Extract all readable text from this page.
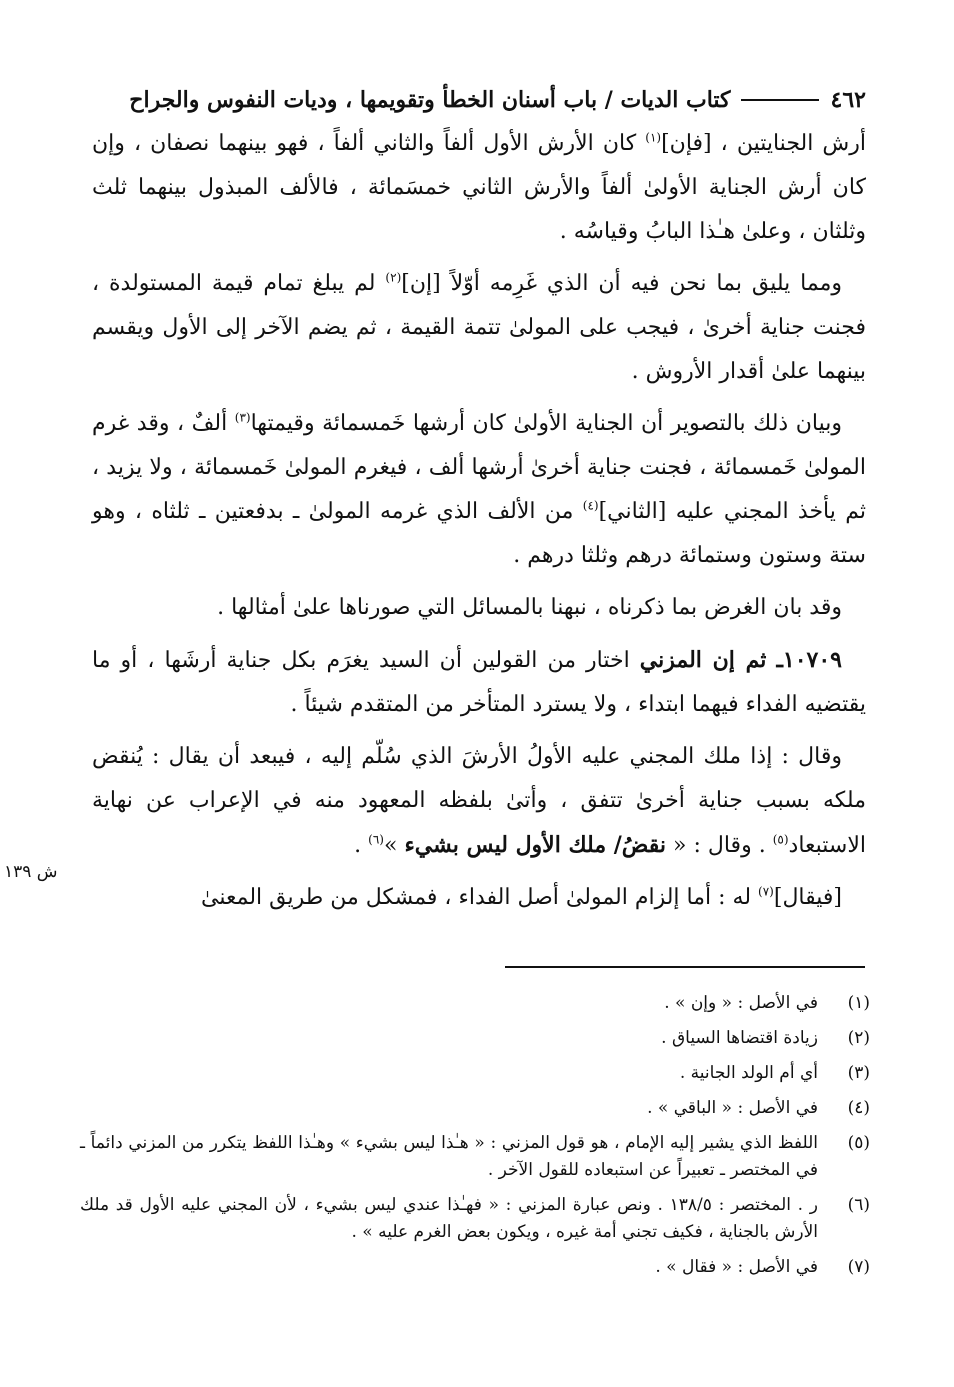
٤٦٢
كتاب الديات / باب أسنان الخطأ وتقويمها ، وديات النفوس والجراح

أرش الجنايتين ، [فإن]$^{(١)}$ كان الأرش الأول ألفاً والثاني ألفاً ، فهو بينهما نصفان ، وإن كان أرش الجناية الأولىٰ ألفاً والأرش الثاني خمسَمائة ، فالألف المبذول بينهما ثلث وثلثان ، وعلىٰ هـٰذا البابُ وقياسُه .

ومما يليق بما نحن فيه أن الذي غَرِمه أوّلاً [إن]$^{(٢)}$ لم يبلغ تمام قيمة المستولدة ، فجنت جناية أخرىٰ ، فيجب على المولىٰ تتمة القيمة ، ثم يضم الآخر إلى الأول ويقسم بينهما علىٰ أقدار الأروش .

وبيان ذلك بالتصوير أن الجناية الأولىٰ كان أرشها خَمسمائة وقيمتها$^{(٣)}$ ألفٌ ، وقد غرم المولىٰ خَمسمائة ، فجنت جناية أخرىٰ أرشها ألف ، فيغرم المولىٰ خَمسمائة ، ولا يزيد ، ثم يأخذ المجني عليه [الثاني]$^{(٤)}$ من الألف الذي غرمه المولىٰ ـ بدفعتين ـ ثلثاه ، وهو ستة وستون وستمائة درهم وثلثا درهم .

وقد بان الغرض بما ذكرناه ، نبهنا بالمسائل التي صورناها علىٰ أمثالها .

١٠٧٠٩ـ ثم إن المزني اختار من القولين أن السيد يغرَم بكل جناية أرشَها ، أو ما يقتضيه الفداء فيهما ابتداء ، ولا يسترد المتأخر من المتقدم شيئاً .

وقال : إذا ملك المجني عليه الأولُ الأرشَ الذي سُلّم إليه ، فيبعد أن يقال : يُنقض ملكه بسبب جناية أخرىٰ تتفق ، وأتىٰ بلفظه المعهود منه في الإعراب عن نهاية الاستبعاد$^{(٥)}$ . وقال : « نقضُ/ ملك الأول ليس بشيء »$^{(٦)}$ .

[فيقال]$^{(٧)}$ له : أما إلزام المولىٰ أصل الفداء ، فمشكل من طريق المعنىٰ

ش ١٣٩
(١)
في الأصل : « وإن » .
(٢)
زيادة اقتضاها السياق .
(٣)
أي أم الولد الجانية .
(٤)
في الأصل : « الباقي » .
(٥)
اللفظ الذي يشير إليه الإمام ، هو قول المزني : « هـٰذا ليس بشيء » وهـٰذا اللفظ يتكرر من المزني دائماً ـ في المختصر ـ تعبيراً عن استبعاده للقول الآخر .
(٦)
ر . المختصر : ١٣٨/٥ . ونص عبارة المزني : « فهـٰذا عندي ليس بشيء ، لأن المجني عليه الأول قد ملك الأرش بالجناية ، فكيف تجني أمة غيره ، ويكون بعض الغرم عليه » .
(٧)
في الأصل : « فقال » .
